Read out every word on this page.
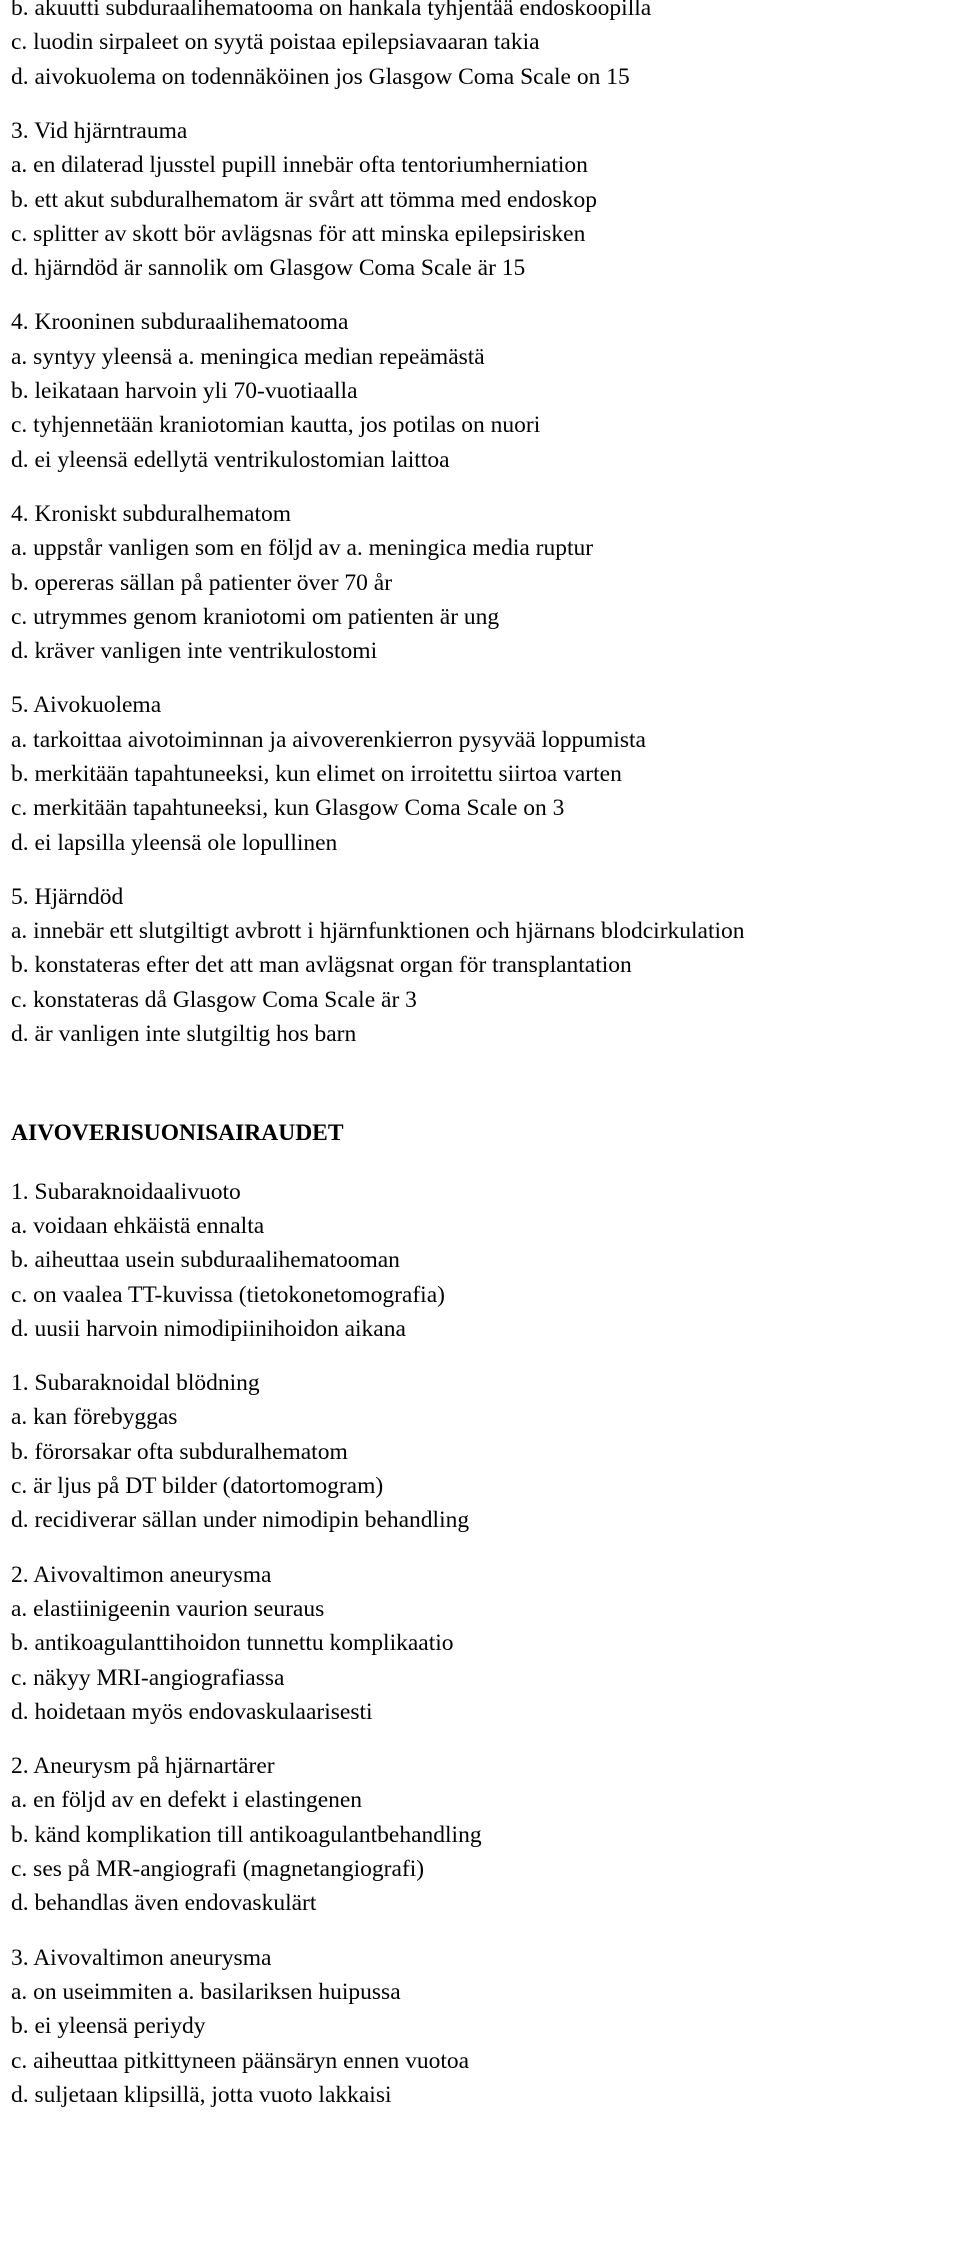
b. akuutti subduraalihematooma on hankala tyhjentää endoskoopilla
c. luodin sirpaleet on syytä poistaa epilepsiavaaran takia
d. aivokuolema on todennäköinen jos Glasgow Coma Scale on 15
3. Vid hjärntrauma
a. en dilaterad ljusstel pupill innebär ofta tentoriumherniation
b. ett akut subduralhematom är svårt att tömma med endoskop
c. splitter av skott bör avlägsnas för att minska epilepsirisken
d. hjärndöd är sannolik om Glasgow Coma Scale är 15
4. Krooninen subduraalihematooma
a. syntyy yleensä a. meningica median repeämästä
b. leikataan harvoin yli 70-vuotiaalla
c. tyhjennetään kraniotomian kautta, jos potilas on nuori
d. ei yleensä edellytä ventrikulostomian laittoa
4. Kroniskt subduralhematom
a. uppstår vanligen som en följd av a. meningica media ruptur
b. opereras sällan på patienter över 70 år
c. utrymmes genom kraniotomi om patienten är ung
d. kräver vanligen inte ventrikulostomi
5. Aivokuolema
a. tarkoittaa aivotoiminnan ja aivoverenkierron pysyvää loppumista
b. merkitään tapahtuneeksi, kun elimet on irroitettu siirtoa varten
c. merkitään tapahtuneeksi, kun Glasgow Coma Scale on 3
d. ei lapsilla yleensä ole lopullinen
5. Hjärndöd
a. innebär ett slutgiltigt avbrott i hjärnfunktionen och hjärnans blodcirkulation
b. konstateras efter det att man avlägsnat organ för transplantation
c. konstateras då Glasgow Coma Scale är 3
d. är vanligen inte slutgiltig hos barn
AIVOVERISUONISAIRAUDET
1. Subaraknoidaalivuoto
a. voidaan ehkäistä ennalta
b. aiheuttaa usein subduraalihematooman
c. on vaalea TT-kuvissa (tietokonetomografia)
d. uusii harvoin nimodipiinihoidon aikana
1. Subaraknoidal blödning
a. kan förebyggas
b. förorsakar ofta subduralhematom
c. är ljus på DT bilder (datortomogram)
d. recidiverar sällan under nimodipin behandling
2. Aivovaltimon aneurysma
a. elastiinigeenin vaurion seuraus
b. antikoagulanttihoidon tunnettu komplikaatio
c. näkyy MRI-angiografiassa
d. hoidetaan myös endovaskulaarisesti
2. Aneurysm på hjärnartärer
a. en följd av en defekt i elastingenen
b. känd komplikation till antikoagulantbehandling
c. ses på MR-angiografi (magnetangiografi)
d. behandlas även endovaskulärt
3. Aivovaltimon aneurysma
a. on useimmiten a. basilariksen huipussa
b. ei yleensä periydy
c. aiheuttaa pitkittyneen päänsäryn ennen vuotoa
d. suljetaan klipsillä, jotta vuoto lakkaisi
